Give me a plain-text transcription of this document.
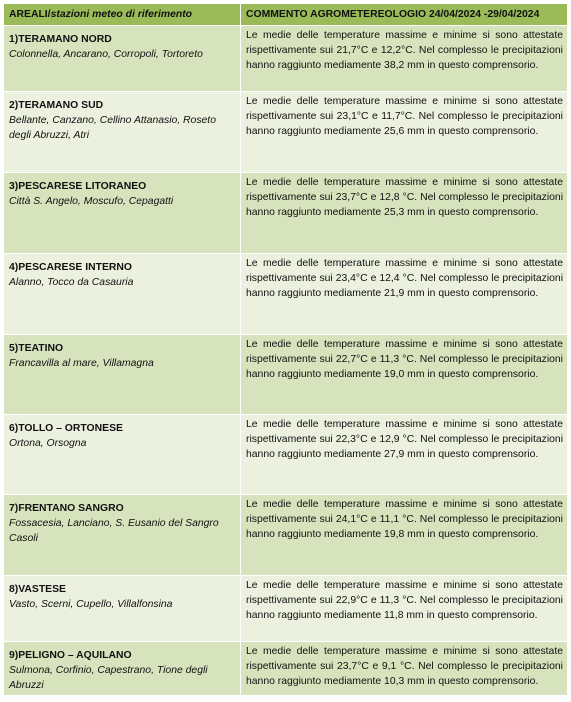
AREALI/stazioni meteo di riferimento	COMMENTO AGROMETEREOLOGIO 24/04/2024 -29/04/2024

1)TERAMANO NORD
Colonnella, Ancarano, Corropoli, Tortoreto	Le medie delle temperature massime e minime si sono attestate rispettivamente sui 21,7°C e 12,2°C. Nel complesso le precipitazioni hanno raggiunto mediamente 38,2 mm in questo comprensorio.

2)TERAMANO SUD
Bellante, Canzano, Cellino Attanasio, Roseto degli Abruzzi, Atri	Le medie delle temperature massime e minime si sono attestate rispettivamente sui 23,1°C e 11,7°C. Nel complesso le precipitazioni hanno raggiunto mediamente 25,6 mm in questo comprensorio.

3)PESCARESE LITORANEO
Città S. Angelo, Moscufo, Cepagatti	Le medie delle temperature massime e minime si sono attestate rispettivamente sui 23,7°C e 12,8 °C. Nel complesso le precipitazioni hanno raggiunto mediamente 25,3 mm in questo comprensorio.

4)PESCARESE INTERNO
Alanno, Tocco da Casauria	Le medie delle temperature massime e minime si sono attestate rispettivamente sui 23,4°C e 12,4 °C. Nel complesso le precipitazioni hanno raggiunto mediamente 21,9 mm in questo comprensorio.

5)TEATINO
Francavilla al mare, Villamagna	Le medie delle temperature massime e minime si sono attestate rispettivamente sui 22,7°C e 11,3 °C. Nel complesso le precipitazioni hanno raggiunto mediamente 19,0 mm in questo comprensorio.

6)TOLLO – ORTONESE
Ortona, Orsogna	Le medie delle temperature massime e minime si sono attestate rispettivamente sui 22,3°C e 12,9 °C. Nel complesso le precipitazioni hanno raggiunto mediamente 27,9 mm in questo comprensorio.

7)FRENTANO SANGRO
Fossacesia, Lanciano, S. Eusanio del Sangro Casoli	Le medie delle temperature massime e minime si sono attestate rispettivamente sui 24,1°C e 11,1 °C. Nel complesso le precipitazioni hanno raggiunto mediamente 19,8 mm in questo comprensorio.

8)VASTESE
Vasto, Scerni, Cupello, Villalfonsina	Le medie delle temperature massime e minime si sono attestate rispettivamente sui 22,9°C e 11,3 °C. Nel complesso le precipitazioni hanno raggiunto mediamente 11,8 mm in questo comprensorio.

9)PELIGNO – AQUILANO
Sulmona, Corfinio, Capestrano, Tione degli Abruzzi	Le medie delle temperature massime e minime si sono attestate rispettivamente sui 23,7°C e 9,1 °C. Nel complesso le precipitazioni hanno raggiunto mediamente 10,3 mm in questo comprensorio.
